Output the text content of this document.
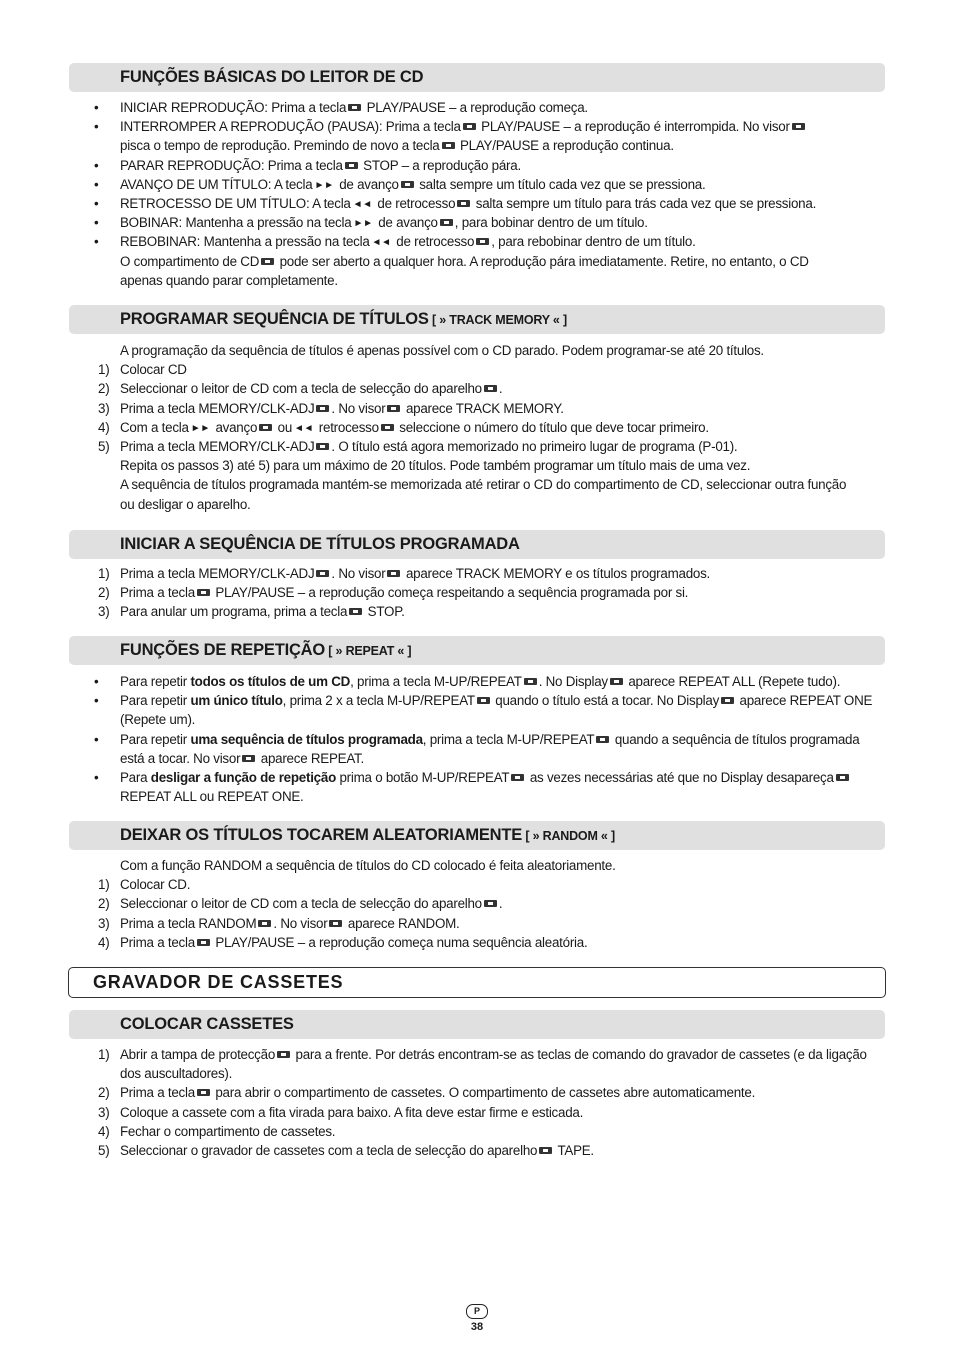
FUNÇÕES BÁSICAS DO LEITOR DE CD
•	INICIAR REPRODUÇÃO: Prima a tecla PLAY/PAUSE – a reprodução começa.
•	INTERROMPER A REPRODUÇÃO (PAUSA): Prima a tecla PLAY/PAUSE – a reprodução é interrompida. No visor
pisca o tempo de reprodução. Premindo de novo a tecla PLAY/PAUSE a reprodução continua.
•	PARAR REPRODUÇÃO: Prima a tecla STOP – a reprodução pára.
•	AVANÇO DE UM TÍTULO: A tecla ►► de avanço salta sempre um título cada vez que se pressiona.
•	RETROCESSO DE UM TÍTULO: A tecla ◄◄ de retrocesso salta sempre um título para trás cada vez que se pressiona.
•	BOBINAR: Mantenha a pressão na tecla ►► de avanço , para bobinar dentro de um título.
•	REBOBINAR: Mantenha a pressão na tecla ◄◄ de retrocesso , para rebobinar dentro de um título.
O compartimento de CD pode ser aberto a qualquer hora. A reprodução pára imediatamente. Retire, no entanto, o CD
apenas quando parar completamente.
PROGRAMAR SEQUÊNCIA DE TÍTULOS [ » TRACK MEMORY « ]
A programação da sequência de títulos é apenas possível com o CD parado. Podem programar-se até 20 títulos.
1) Colocar CD
2) Seleccionar o leitor de CD com a tecla de selecção do aparelho .
3) Prima a tecla MEMORY/CLK-ADJ . No visor aparece TRACK MEMORY.
4) Com a tecla ►► avanço ou ◄◄ retrocesso seleccione o número do título que deve tocar primeiro.
5) Prima a tecla MEMORY/CLK-ADJ . O título está agora memorizado no primeiro lugar de programa (P-01).
Repita os passos 3) até 5) para um máximo de 20 títulos. Pode também programar um título mais de uma vez.
A sequência de títulos programada mantém-se memorizada até retirar o CD do compartimento de CD, seleccionar outra função
ou desligar o aparelho.
INICIAR A SEQUÊNCIA DE TÍTULOS PROGRAMADA
1) Prima a tecla MEMORY/CLK-ADJ . No visor aparece TRACK MEMORY e os títulos programados.
2) Prima a tecla PLAY/PAUSE – a reprodução começa respeitando a sequência programada por si.
3) Para anular um programa, prima a tecla STOP.
FUNÇÕES DE REPETIÇÃO [ » REPEAT « ]
•	Para repetir todos os títulos de um CD, prima a tecla M-UP/REPEAT . No Display aparece REPEAT ALL (Repete tudo).
•	Para repetir um único título, prima 2 x a tecla M-UP/REPEAT quando o título está a tocar. No Display aparece REPEAT ONE
(Repete um).
•	Para repetir uma sequência de títulos programada, prima a tecla M-UP/REPEAT quando a sequência de títulos programada
está a tocar. No visor aparece REPEAT.
•	Para desligar a função de repetição prima o botão M-UP/REPEAT as vezes necessárias até que no Display desapareça
REPEAT ALL ou REPEAT ONE.
DEIXAR OS TÍTULOS TOCAREM ALEATORIAMENTE [ » RANDOM « ]
Com a função RANDOM a sequência de títulos do CD colocado é feita aleatoriamente.
1) Colocar CD.
2) Seleccionar o leitor de CD com a tecla de selecção do aparelho .
3) Prima a tecla RANDOM . No visor aparece RANDOM.
4) Prima a tecla PLAY/PAUSE – a reprodução começa numa sequência aleatória.
GRAVADOR DE CASSETES
COLOCAR CASSETES
1) Abrir a tampa de protecção para a frente. Por detrás encontram-se as teclas de comando do gravador de cassetes (e da ligação
dos auscultadores).
2) Prima a tecla para abrir o compartimento de cassetes. O compartimento de cassetes abre automaticamente.
3) Coloque a cassete com a fita virada para baixo. A fita deve estar firme e esticada.
4) Fechar o compartimento de cassetes.
5) Seleccionar o gravador de cassetes com a tecla de selecção do aparelho TAPE.
P
38
